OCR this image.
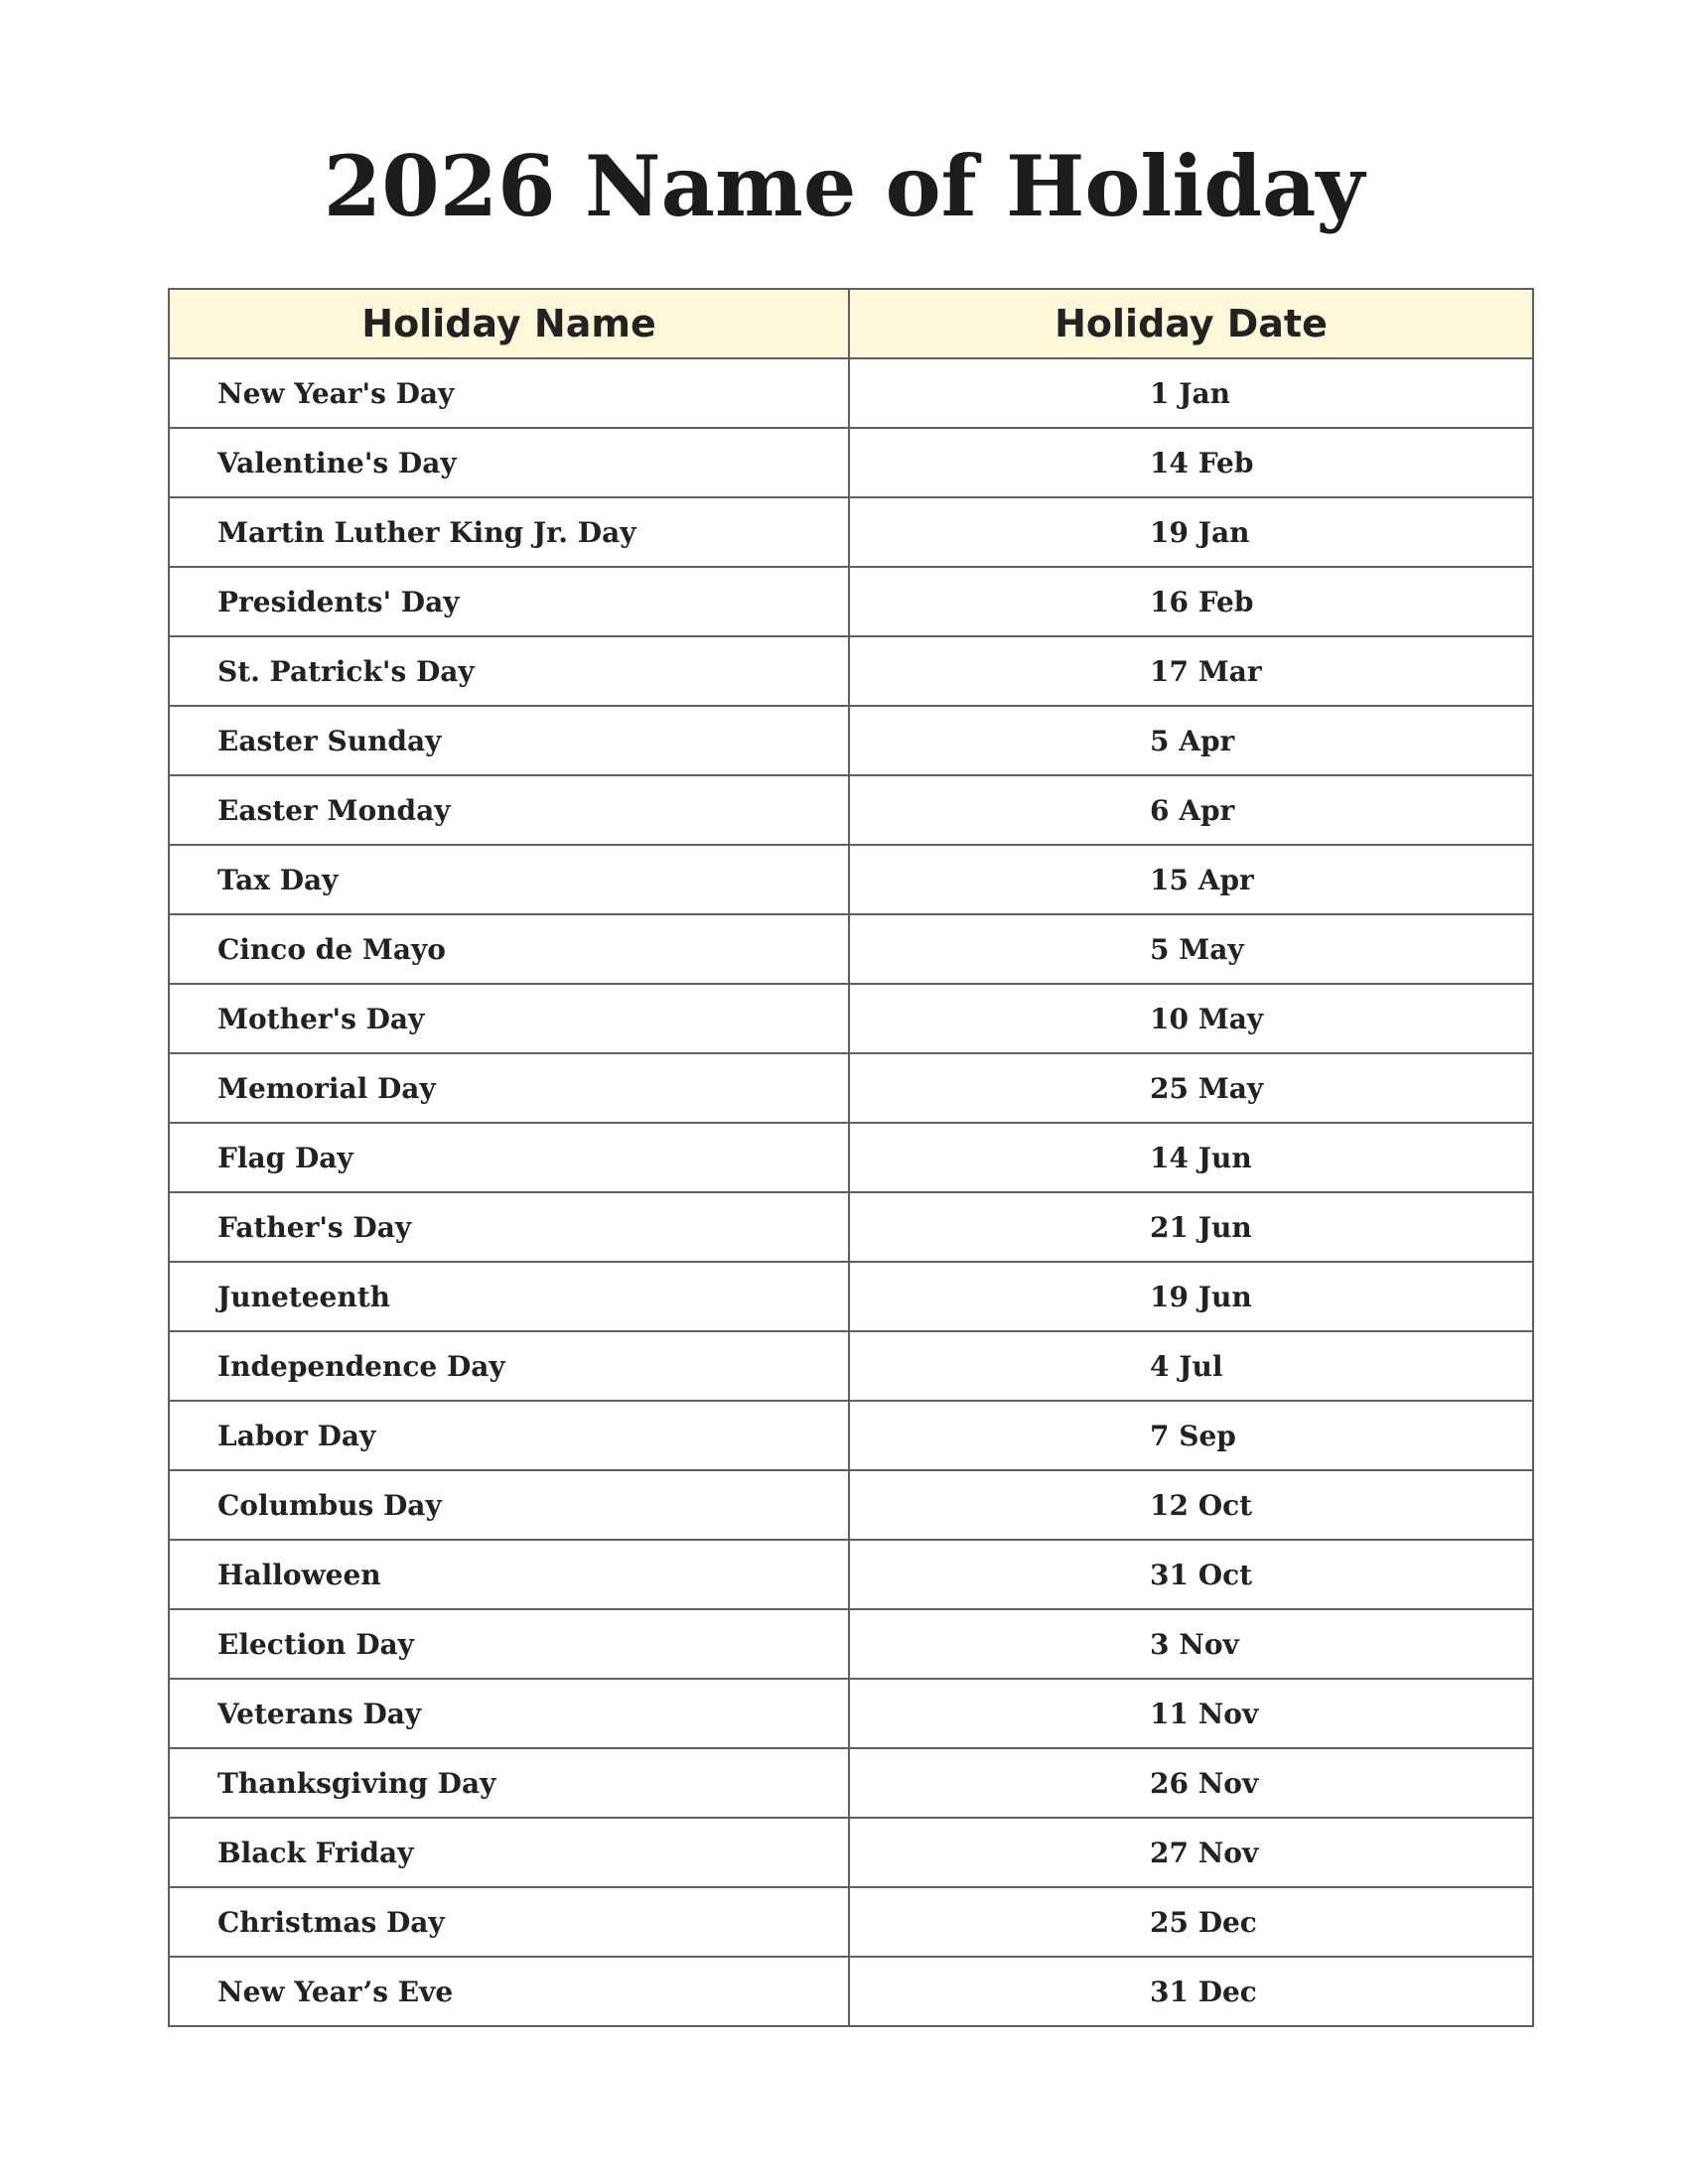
2026 Name of Holiday
Holiday Name	Holiday Date
New Year's Day	1 Jan
Valentine's Day	14 Feb
Martin Luther King Jr. Day	19 Jan
Presidents' Day	16 Feb
St. Patrick's Day	17 Mar
Easter Sunday	5 Apr
Easter Monday	6 Apr
Tax Day	15 Apr
Cinco de Mayo	5 May
Mother's Day	10 May
Memorial Day	25 May
Flag Day	14 Jun
Father's Day	21 Jun
Juneteenth	19 Jun
Independence Day	4 Jul
Labor Day	7 Sep
Columbus Day	12 Oct
Halloween	31 Oct
Election Day	3 Nov
Veterans Day	11 Nov
Thanksgiving Day	26 Nov
Black Friday	27 Nov
Christmas Day	25 Dec
New Year’s Eve	31 Dec
